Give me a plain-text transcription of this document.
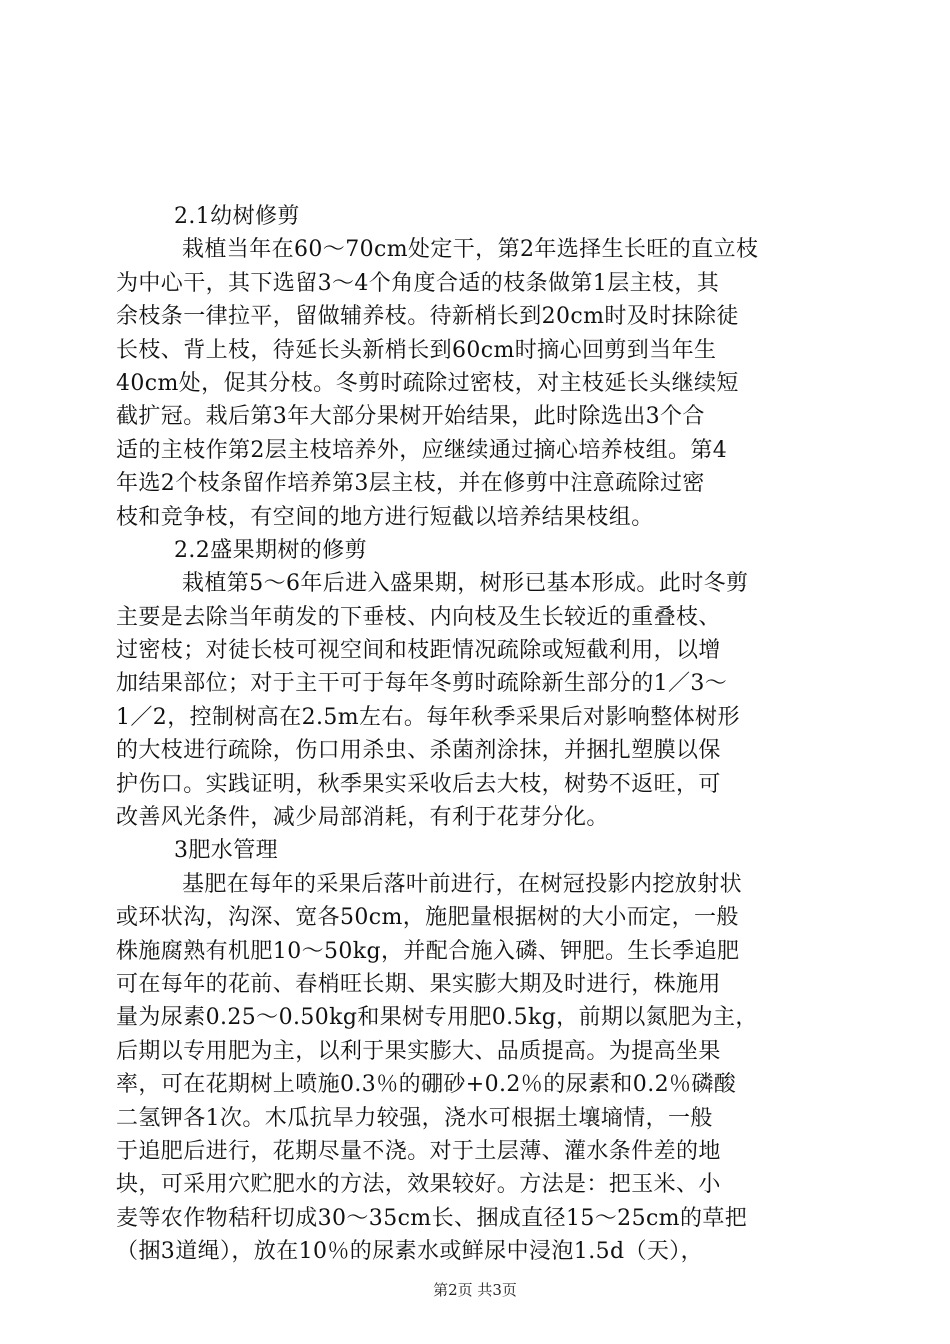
2.1幼树修剪
栽植当年在60～70cm处定干，第2年选择生长旺的直立枝
为中心干，其下选留3～4个角度合适的枝条做第1层主枝，其
余枝条一律拉平，留做辅养枝。待新梢长到20cm时及时抹除徒
长枝、背上枝，待延长头新梢长到60cm时摘心回剪到当年生
40cm处，促其分枝。冬剪时疏除过密枝，对主枝延长头继续短
截扩冠。栽后第3年大部分果树开始结果，此时除选出3个合
适的主枝作第2层主枝培养外，应继续通过摘心培养枝组。第4
年选2个枝条留作培养第3层主枝，并在修剪中注意疏除过密
枝和竞争枝，有空间的地方进行短截以培养结果枝组。
2.2盛果期树的修剪
栽植第5～6年后进入盛果期，树形已基本形成。此时冬剪
主要是去除当年萌发的下垂枝、内向枝及生长较近的重叠枝、
过密枝；对徒长枝可视空间和枝距情况疏除或短截利用，以增
加结果部位；对于主干可于每年冬剪时疏除新生部分的1／3～
1／2，控制树高在2.5m左右。每年秋季采果后对影响整体树形
的大枝进行疏除，伤口用杀虫、杀菌剂涂抹，并捆扎塑膜以保
护伤口。实践证明，秋季果实采收后去大枝，树势不返旺，可
改善风光条件，减少局部消耗，有利于花芽分化。
3肥水管理
基肥在每年的采果后落叶前进行，在树冠投影内挖放射状
或环状沟，沟深、宽各50cm，施肥量根据树的大小而定，一般
株施腐熟有机肥10～50kg，并配合施入磷、钾肥。生长季追肥
可在每年的花前、春梢旺长期、果实膨大期及时进行，株施用
量为尿素0.25～0.50kg和果树专用肥0.5kg，前期以氮肥为主，
后期以专用肥为主，以利于果实膨大、品质提高。为提高坐果
率，可在花期树上喷施0.3％的硼砂+0.2％的尿素和0.2％磷酸
二氢钾各1次。木瓜抗旱力较强，浇水可根据土壤墒情，一般
于追肥后进行，花期尽量不浇。对于土层薄、灌水条件差的地
块，可采用穴贮肥水的方法，效果较好。方法是：把玉米、小
麦等农作物秸秆切成30～35cm长、捆成直径15～25cm的草把
（捆3道绳），放在10％的尿素水或鲜尿中浸泡1.5d（天），
第2页 共3页
